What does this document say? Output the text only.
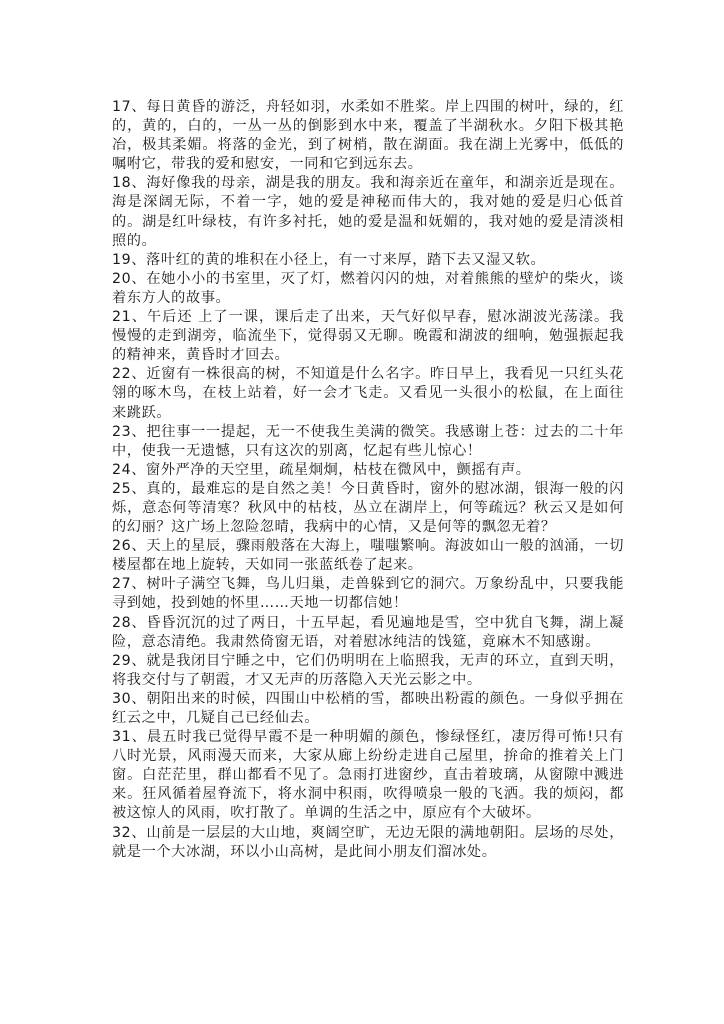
17、每日黄昏的游泛，舟轻如羽，水柔如不胜桨。岸上四围的树叶，绿的，红的，黄的，白的，一丛一丛的倒影到水中来，覆盖了半湖秋水。夕阳下极其艳冶，极其柔媚。将落的金光，到了树梢，散在湖面。我在湖上光雾中，低低的嘱咐它，带我的爱和慰安，一同和它到远东去。

18、海好像我的母亲，湖是我的朋友。我和海亲近在童年，和湖亲近是现在。海是深阔无际，不着一字，她的爱是神秘而伟大的，我对她的爱是归心低首的。湖是红叶绿枝，有许多衬托，她的爱是温和妩媚的，我对她的爱是清淡相照的。

19、落叶红的黄的堆积在小径上，有一寸来厚，踏下去又湿又软。

20、在她小小的书室里，灭了灯，燃着闪闪的烛，对着熊熊的壁炉的柴火，谈着东方人的故事。

21、午后还 上了一课，课后走了出来，天气好似早春，慰冰湖波光荡漾。我慢慢的走到湖旁，临流坐下，觉得弱又无聊。晚霞和湖波的细响，勉强振起我的精神来，黄昏时才回去。

22、近窗有一株很高的树，不知道是什么名字。昨日早上，我看见一只红头花翎的啄木鸟，在枝上站着，好一会才飞走。又看见一头很小的松鼠，在上面往来跳跃。

23、把往事一一提起，无一不使我生美满的微笑。我感谢上苍：过去的二十年中，使我一无遗憾，只有这次的别离，忆起有些儿惊心！

24、窗外严净的天空里，疏星炯炯，枯枝在微风中，颤摇有声。

25、真的，最难忘的是自然之美！今日黄昏时，窗外的慰冰湖，银海一般的闪烁，意态何等清寒？秋风中的枯枝，丛立在湖岸上，何等疏远？秋云又是如何的幻丽？这广场上忽险忽晴，我病中的心情，又是何等的飘忽无着？

26、天上的星辰，骤雨般落在大海上，嗤嗤繁响。海波如山一般的汹涌，一切楼屋都在地上旋转，天如同一张蓝纸卷了起来。

27、树叶子满空飞舞，鸟儿归巢，走兽躲到它的洞穴。万象纷乱中，只要我能寻到她，投到她的怀里……天地一切都信她！

28、昏昏沉沉的过了两日，十五早起，看见遍地是雪，空中犹自飞舞，湖上凝险，意态清绝。我肃然倚窗无语，对着慰冰纯洁的饯筵，竟麻木不知感谢。

29、就是我闭目宁睡之中，它们仍明明在上临照我，无声的环立，直到天明，将我交付与了朝霞，才又无声的历落隐入天光云影之中。

30、朝阳出来的时候，四围山中松梢的雪，都映出粉霞的颜色。一身似乎拥在红云之中，几疑自己已经仙去。

31、晨五时我已觉得早霞不是一种明媚的颜色，惨绿怪红，凄厉得可怖!只有八时光景，风雨漫天而来，大家从廊上纷纷走进自己屋里，拚命的推着关上门窗。白茫茫里，群山都看不见了。急雨打进窗纱，直击着玻璃，从窗隙中溅进来。狂风循着屋脊流下，将水洞中积雨，吹得喷泉一般的飞洒。我的烦闷，都被这惊人的风雨，吹打散了。单调的生活之中，原应有个大破坏。

32、山前是一层层的大山地，爽阔空旷，无边无限的满地朝阳。层场的尽处，就是一个大冰湖，环以小山高树，是此间小朋友们溜冰处。
